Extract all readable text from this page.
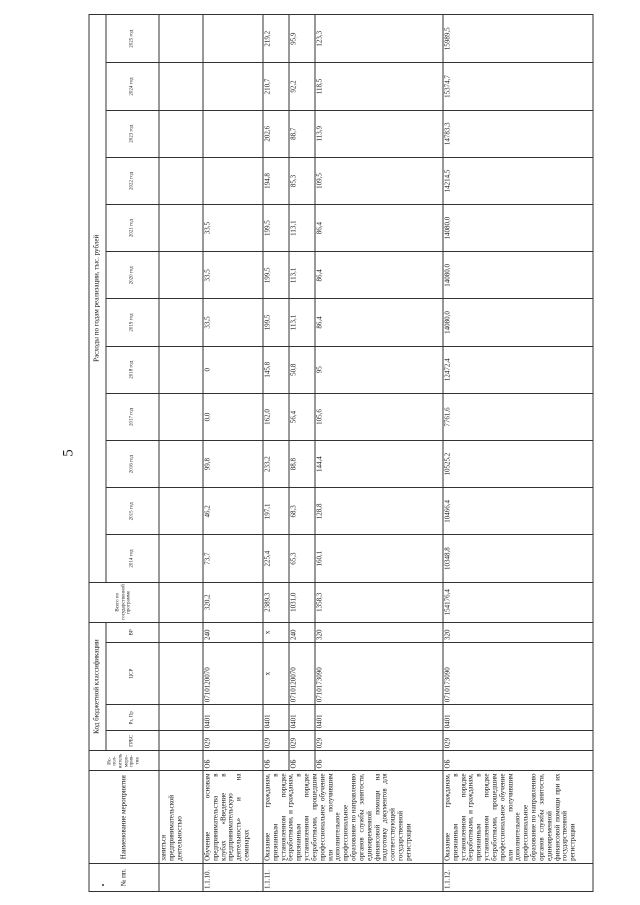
5
№ пп.	Наименование мероприятия	Ис-пол-нитель меро-прия-тия	Код бюджетной классификации				Всего по государственной программе	Расходы по годам реализации, тыс. рублей											
			ГРБС	Рз, Пр	ЦСР	ВР		2014 год	2015 год	2016 год	2017 год	2018 год	2019 год	2020 год	2021 год	2022 год	2023 год	2024 год	2025 год
	заниться предпринимательской деятельностью																		
1.1.10.	Обучение основам предпринимательства в клубах «Введение в предпринимательскую деятельность» и на семинарах	ОБ	029	0401	0710120070	240	320,2	73,7	46,2	99,8	0,0	0	33,5	33,5	33,5				
1.1.11.	Оказание гражданам, признанным в установленном порядке безработными, и гражданам, признанным в установленном порядке безработными, прошедшим профессиональное обучение или получившим дополнительное профессиональное образование по направлению органов службы занятости, единовременной финансовой помощи на подготовку документов для соответствующей государственной регистрации	ОБ	029	0401	x	x	2389,3	225,4	197,1	233,2	162,0	145,8	199,5	199,5	199,5	194,8	202,6	210,7	219,2
		ОБ	029	0401	0710120070	240	1031,0	65,3	68,3	88,8	56,4	50,8	113,1	113,1	113,1	85,3	88,7	92,2	95,9
		ОБ	029	0401	0710173090	320	1358,3	160,1	128,8	144,4	105,6	95	86,4	86,4	86,4	109,5	113,9	118,5	123,3
1.1.12.	Оказание гражданам, признанным в установленном порядке безработными, и гражданам, признанным в установленном порядке безработными, прошедшим профессиональное обучение или получившим дополнительное профессиональное образование по направлению органов службы занятости, единовременной финансовой помощи при их государственной регистрации	ОБ	029	0401	0710173090	320	154176,4	10348,8	10466,4	10525,2	7761,6	12472,4	14080,0	14080,0	14080,0	14214,5	14783,3	15374,7	15989,5
